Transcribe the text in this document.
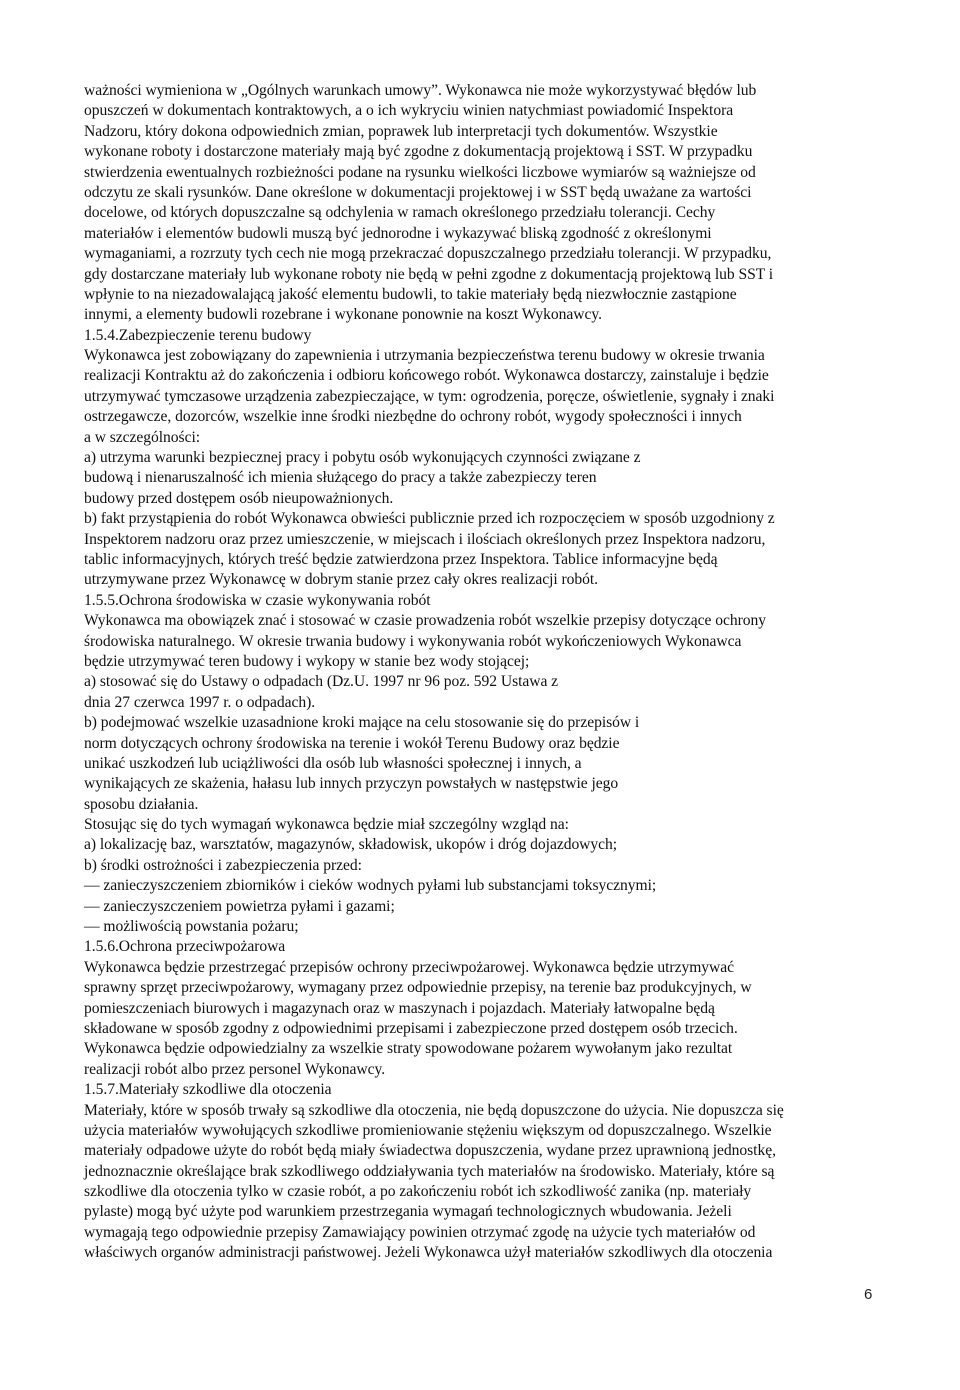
ważności wymieniona w „Ogólnych warunkach umowy”. Wykonawca nie może wykorzystywać błędów lub
opuszczeń w dokumentach kontraktowych, a o ich wykryciu winien natychmiast powiadomić Inspektora
Nadzoru, który dokona odpowiednich zmian, poprawek lub interpretacji tych dokumentów. Wszystkie
wykonane roboty i dostarczone materiały mają być zgodne z dokumentacją projektową i SST. W przypadku
stwierdzenia ewentualnych rozbieżności podane na rysunku wielkości liczbowe wymiarów są ważniejsze od
odczytu ze skali rysunków. Dane określone w dokumentacji projektowej i w SST będą uważane za wartości
docelowe, od których dopuszczalne są odchylenia w ramach określonego przedziału tolerancji. Cechy
materiałów i elementów budowli muszą być jednorodne i wykazywać bliską zgodność z określonymi
wymaganiami, a rozrzuty tych cech nie mogą przekraczać dopuszczalnego przedziału tolerancji. W przypadku,
gdy dostarczane materiały lub wykonane roboty nie będą w pełni zgodne z dokumentacją projektową lub SST i
wpłynie to na niezadowalającą jakość elementu budowli, to takie materiały będą niezwłocznie zastąpione
innymi, a elementy budowli rozebrane i wykonane ponownie na koszt Wykonawcy.
1.5.4.Zabezpieczenie terenu budowy
Wykonawca jest zobowiązany do zapewnienia i utrzymania bezpieczeństwa terenu budowy w okresie trwania
realizacji Kontraktu aż do zakończenia i odbioru końcowego robót. Wykonawca dostarczy, zainstaluje i będzie
utrzymywać tymczasowe urządzenia zabezpieczające, w tym: ogrodzenia, poręcze, oświetlenie, sygnały i znaki
ostrzegawcze, dozorców, wszelkie inne środki niezbędne do ochrony robót, wygody społeczności i innych
a w szczególności:
a) utrzyma warunki bezpiecznej pracy i pobytu osób wykonujących czynności związane z
budową i nienaruszalność ich mienia służącego do pracy a także zabezpieczy teren
budowy przed dostępem osób nieupoważnionych.
b) fakt przystąpienia do robót Wykonawca obwieści publicznie przed ich rozpoczęciem w sposób uzgodniony z
Inspektorem nadzoru oraz przez umieszczenie, w miejscach i ilościach określonych przez Inspektora nadzoru,
tablic informacyjnych, których treść będzie zatwierdzona przez Inspektora. Tablice informacyjne będą
utrzymywane przez Wykonawcę w dobrym stanie przez cały okres realizacji robót.
1.5.5.Ochrona środowiska w czasie wykonywania robót
Wykonawca ma obowiązek znać i stosować w czasie prowadzenia robót wszelkie przepisy dotyczące ochrony
środowiska naturalnego. W okresie trwania budowy i wykonywania robót wykończeniowych Wykonawca
będzie utrzymywać teren budowy i wykopy w stanie bez wody stojącej;
a) stosować się do Ustawy o odpadach (Dz.U. 1997 nr 96 poz. 592 Ustawa z
dnia 27 czerwca 1997 r. o odpadach).
b) podejmować wszelkie uzasadnione kroki mające na celu stosowanie się do przepisów i
norm dotyczących ochrony środowiska na terenie i wokół Terenu Budowy oraz będzie
unikać uszkodzeń lub uciążliwości dla osób lub własności społecznej i innych, a
wynikających ze skażenia, hałasu lub innych przyczyn powstałych w następstwie jego
sposobu działania.
Stosując się do tych wymagań wykonawca będzie miał szczególny wzgląd na:
a) lokalizację baz, warsztatów, magazynów, składowisk, ukopów i dróg dojazdowych;
b) środki ostrożności i zabezpieczenia przed:
— zanieczyszczeniem zbiorników i cieków wodnych pyłami lub substancjami toksycznymi;
— zanieczyszczeniem powietrza pyłami i gazami;
— możliwością powstania pożaru;
1.5.6.Ochrona przeciwpożarowa
Wykonawca będzie przestrzegać przepisów ochrony przeciwpożarowej. Wykonawca będzie utrzymywać
sprawny sprzęt przeciwpożarowy, wymagany przez odpowiednie przepisy, na terenie baz produkcyjnych, w
pomieszczeniach biurowych i magazynach oraz w maszynach i pojazdach. Materiały łatwopalne będą
składowane w sposób zgodny z odpowiednimi przepisami i zabezpieczone przed dostępem osób trzecich.
Wykonawca będzie odpowiedzialny za wszelkie straty spowodowane pożarem wywołanym jako rezultat
realizacji robót albo przez personel Wykonawcy.
1.5.7.Materiały szkodliwe dla otoczenia
Materiały, które w sposób trwały są szkodliwe dla otoczenia, nie będą dopuszczone do użycia. Nie dopuszcza się
użycia materiałów wywołujących szkodliwe promieniowanie stężeniu większym od dopuszczalnego. Wszelkie
materiały odpadowe użyte do robót będą miały świadectwa dopuszczenia, wydane przez uprawnioną jednostkę,
jednoznacznie określające brak szkodliwego oddziaływania tych materiałów na środowisko. Materiały, które są
szkodliwe dla otoczenia tylko w czasie robót, a po zakończeniu robót ich szkodliwość zanika (np. materiały
pylaste) mogą być użyte pod warunkiem przestrzegania wymagań technologicznych wbudowania. Jeżeli
wymagają tego odpowiednie przepisy Zamawiający powinien otrzymać zgodę na użycie tych materiałów od
właściwych organów administracji państwowej. Jeżeli Wykonawca użył materiałów szkodliwych dla otoczenia
6
